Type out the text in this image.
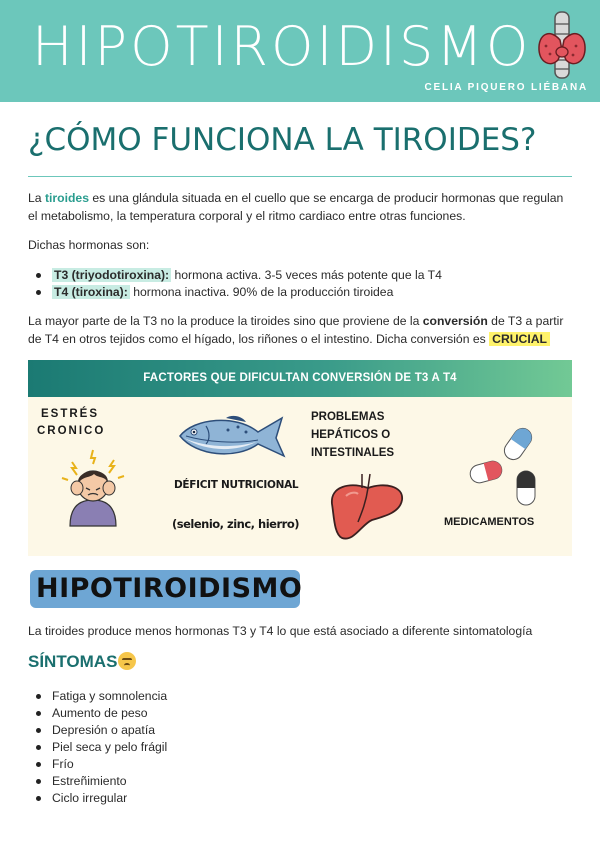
HIPOTIROIDISMO
CELIA PIQUERO LIÉBANA
¿CÓMO FUNCIONA LA TIROIDES?

La tiroides es una glándula situada en el cuello que se encarga de producir hormonas que regulan el metabolismo, la temperatura corporal y el ritmo cardiaco entre otras funciones.

Dichas hormonas son:

T3 (triyodotiroxina): hormona activa. 3-5 veces más potente que la T4
T4 (tiroxina): hormona inactiva. 90% de la producción tiroidea

La mayor parte de la T3 no la produce la tiroides sino que proviene de la conversión de T3 a partir de T4 en otros tejidos como el hígado, los riñones o el intestino. Dicha conversión es CRUCIAL

FACTORES QUE DIFICULTAN CONVERSIÓN DE T3 A T4
ESTRÉS
CRONICO
DÉFICIT NUTRICIONAL
(selenio, zinc, hierro)
PROBLEMAS
HEPÁTICOS O
INTESTINALES
MEDICAMENTOS
HIPOTIROIDISMO

La tiroides produce menos hormonas T3 y T4 lo que está asociado a diferente sintomatología

SÍNTOMAS
Fatiga y somnolencia
Aumento de peso
Depresión o apatía
Piel seca y pelo frágil
Frío
Estreñimiento
Ciclo irregular
